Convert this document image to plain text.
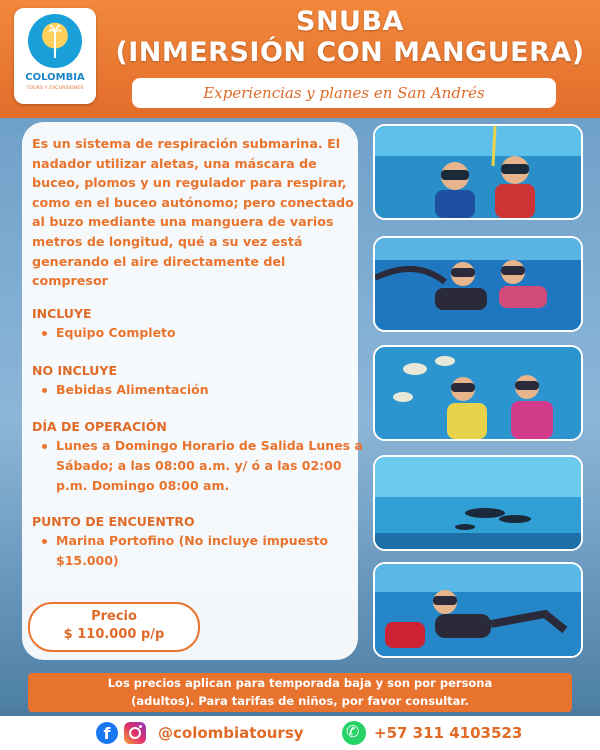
COLOMBIA
TOURS Y EXCURSIONES
SNUBA
(INMERSIÓN CON MANGUERA)
Experiencias y planes en San Andrés
Es un sistema de respiración submarina. El nadador utilizar aletas, una máscara de buceo, plomos y un regulador para respirar, como en el buceo autónomo; pero conectado al buzo mediante una manguera de varios metros de longitud, qué a su vez está generando el aire directamente del compresor
INCLUYE
Equipo Completo
NO INCLUYE
Bebidas Alimentación
DÍA DE OPERACIÓN
Lunes a Domingo Horario de Salida Lunes a Sábado; a las 08:00 a.m. y/ ó a las 02:00 p.m. Domingo 08:00 am.
PUNTO DE ENCUENTRO
Marina Portofino (No incluye impuesto $15.000)
Precio
$ 110.000 p/p
Los precios aplican para temporada baja y son por persona
(adultos). Para tarifas de niños, por favor consultar.
f	@colombiatoursy
✆	+57 311 4103523
